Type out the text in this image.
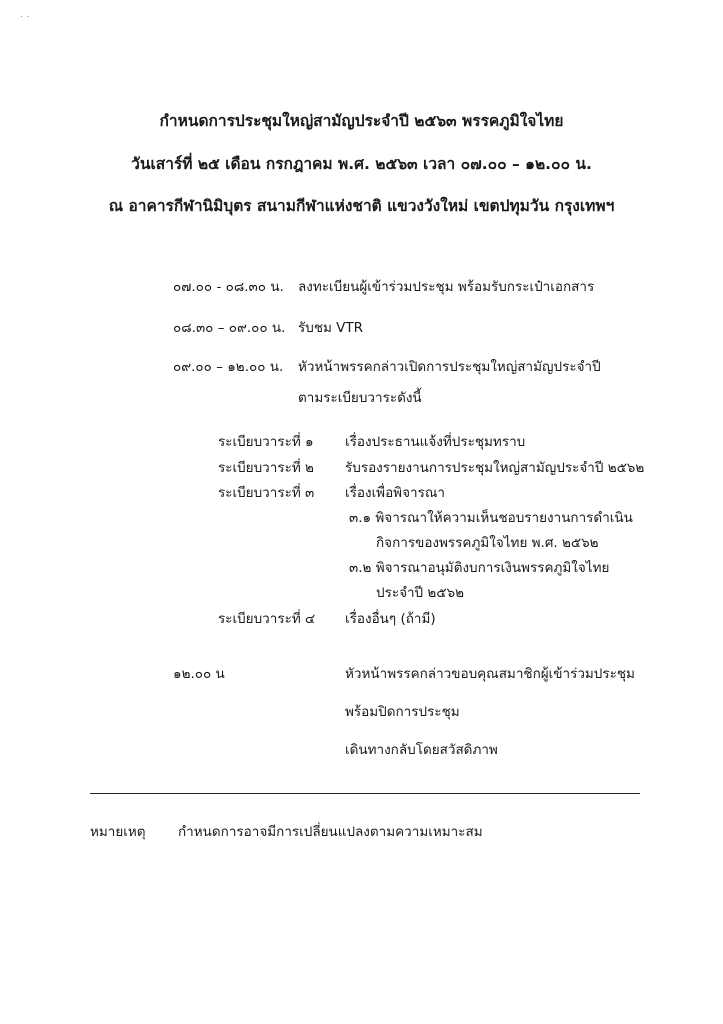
· ·
กำหนดการประชุมใหญ่สามัญประจำปี ๒๕๖๓ พรรคภูมิใจไทย
วันเสาร์ที่ ๒๕ เดือน กรกฎาคม พ.ศ. ๒๕๖๓ เวลา ๐๗.๐๐ – ๑๒.๐๐ น.
ณ อาคารกีฬานิมิบุตร สนามกีฬาแห่งชาติ แขวงวังใหม่ เขตปทุมวัน กรุงเทพฯ
๐๗.๐๐ - ๐๘.๓๐ น. ลงทะเบียนผู้เข้าร่วมประชุม พร้อมรับกระเป๋าเอกสาร
๐๘.๓๐ – ๐๙.๐๐ น. รับชม VTR
๐๙.๐๐ – ๑๒.๐๐ น. หัวหน้าพรรคกล่าวเปิดการประชุมใหญ่สามัญประจำปี
ตามระเบียบวาระดังนี้
ระเบียบวาระที่ ๑ เรื่องประธานแจ้งที่ประชุมทราบ
ระเบียบวาระที่ ๒ รับรองรายงานการประชุมใหญ่สามัญประจำปี ๒๕๖๒
ระเบียบวาระที่ ๓ เรื่องเพื่อพิจารณา
๓.๑ พิจารณาให้ความเห็นชอบรายงานการดำเนิน
กิจการของพรรคภูมิใจไทย พ.ศ. ๒๕๖๒
๓.๒ พิจารณาอนุมัติงบการเงินพรรคภูมิใจไทย
ประจำปี ๒๕๖๒
ระเบียบวาระที่ ๔ เรื่องอื่นๆ (ถ้ามี)
๑๒.๐๐ น	หัวหน้าพรรคกล่าวขอบคุณสมาชิกผู้เข้าร่วมประชุม
พร้อมปิดการประชุม
เดินทางกลับโดยสวัสดิภาพ
หมายเหตุ กำหนดการอาจมีการเปลี่ยนแปลงตามความเหมาะสม
